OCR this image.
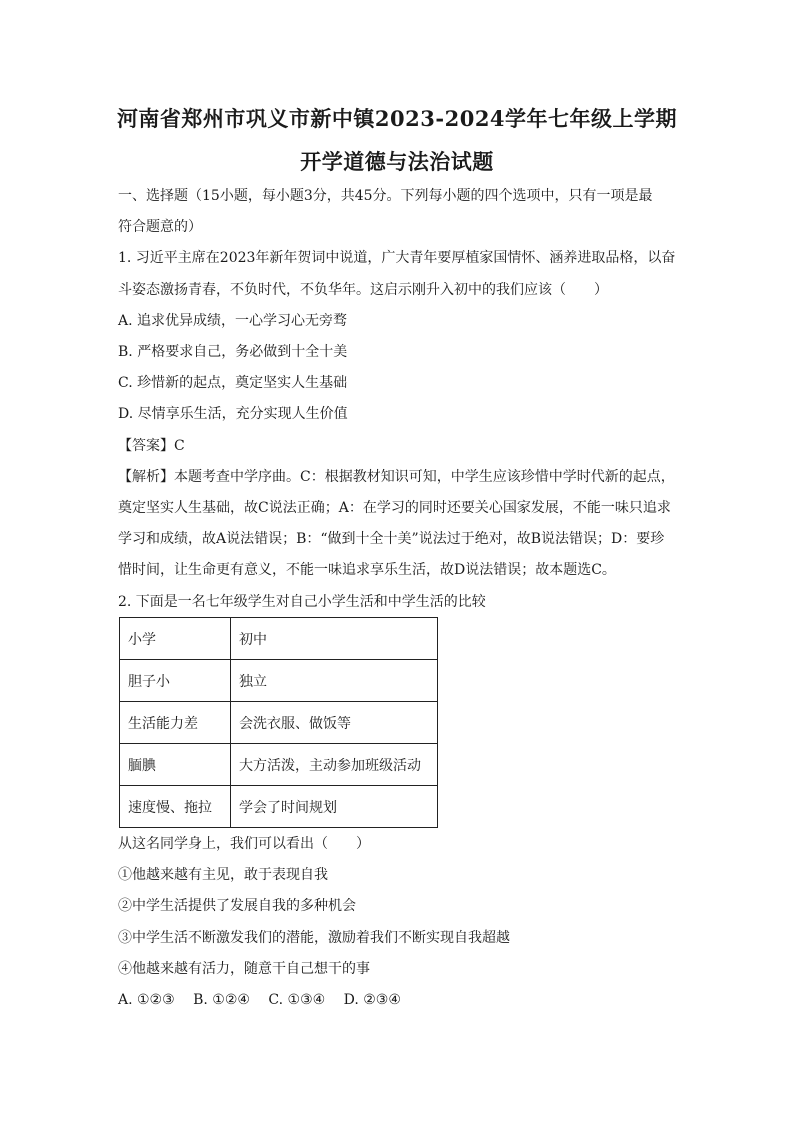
河南省郑州市巩义市新中镇2023-2024学年七年级上学期
开学道德与法治试题
一、选择题（15小题，每小题3分，共45分。下列每小题的四个选项中，只有一项是最
符合题意的）
1. 习近平主席在2023年新年贺词中说道，广大青年要厚植家国情怀、涵养进取品格，以奋
斗姿态激扬青春，不负时代，不负华年。这启示刚升入初中的我们应该（　　）
A. 追求优异成绩，一心学习心无旁骛
B. 严格要求自己，务必做到十全十美
C. 珍惜新的起点，奠定坚实人生基础
D. 尽情享乐生活，充分实现人生价值
【答案】C
【解析】本题考查中学序曲。C：根据教材知识可知，中学生应该珍惜中学时代新的起点，
奠定坚实人生基础，故C说法正确；A：在学习的同时还要关心国家发展，不能一味只追求
学习和成绩，故A说法错误；B：“做到十全十美”说法过于绝对，故B说法错误；D：要珍
惜时间，让生命更有意义，不能一味追求享乐生活，故D说法错误；故本题选C。
2. 下面是一名七年级学生对自己小学生活和中学生活的比较
小学	初中
胆子小	独立
生活能力差	会洗衣服、做饭等
腼腆	大方活泼，主动参加班级活动
速度慢、拖拉	学会了时间规划
从这名同学身上，我们可以看出（　　）
①他越来越有主见，敢于表现自我
②中学生活提供了发展自我的多种机会
③中学生活不断激发我们的潜能，激励着我们不断实现自我超越
④他越来越有活力，随意干自己想干的事
A. ①②③　 B. ①②④　 C. ①③④　 D. ②③④
